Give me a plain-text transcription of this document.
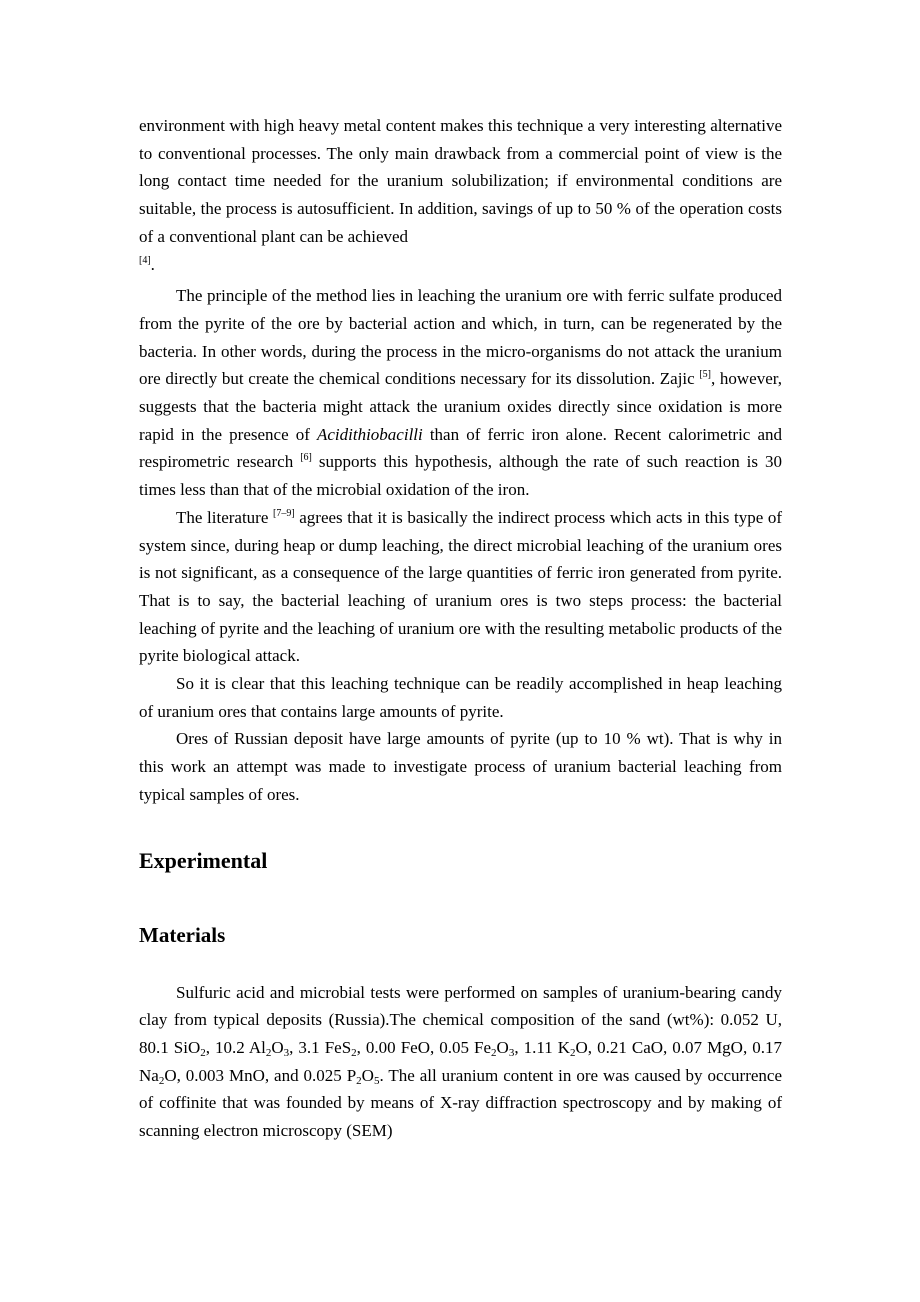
environment with high heavy metal content makes this technique a very interesting alternative to conventional processes. The only main drawback from a commercial point of view is the long contact time needed for the uranium solubilization; if environmental conditions are suitable, the process is autosufficient. In addition, savings of up to 50 % of the operation costs of a conventional plant can be achieved
[4].

The principle of the method lies in leaching the uranium ore with ferric sulfate produced from the pyrite of the ore by bacterial action and which, in turn, can be regenerated by the bacteria. In other words, during the process in the micro-organisms do not attack the uranium ore directly but create the chemical conditions necessary for its dissolution. Zajic [5], however, suggests that the bacteria might attack the uranium oxides directly since oxidation is more rapid in the presence of Acidithiobacilli than of ferric iron alone. Recent calorimetric and respirometric research [6] supports this hypothesis, although the rate of such reaction is 30 times less than that of the microbial oxidation of the iron.

The literature [7–9] agrees that it is basically the indirect process which acts in this type of system since, during heap or dump leaching, the direct microbial leaching of the uranium ores is not significant, as a consequence of the large quantities of ferric iron generated from pyrite. That is to say, the bacterial leaching of uranium ores is two steps process: the bacterial leaching of pyrite and the leaching of uranium ore with the resulting metabolic products of the pyrite biological attack.

So it is clear that this leaching technique can be readily accomplished in heap leaching of uranium ores that contains large amounts of pyrite.

Ores of Russian deposit have large amounts of pyrite (up to 10 % wt). That is why in this work an attempt was made to investigate process of uranium bacterial leaching from typical samples of ores.

Experimental
Materials

Sulfuric acid and microbial tests were performed on samples of uranium-bearing candy clay from typical deposits (Russia).The chemical composition of the sand (wt%): 0.052 U, 80.1 SiO$_2$, 10.2 $Al_2O_3$, 3.1 FeS$_2$, 0.00 FeO, 0.05 $Fe_2O_3$, 1.11 $K_2O$, 0.21 CaO, 0.07 MgO, 0.17 $Na_2O$, 0.003 MnO, and 0.025 $P_2O_5$. The all uranium content in ore was caused by occurrence of coffinite that was founded by means of X-ray diffraction spectroscopy and by making of scanning electron microscopy (SEM)
